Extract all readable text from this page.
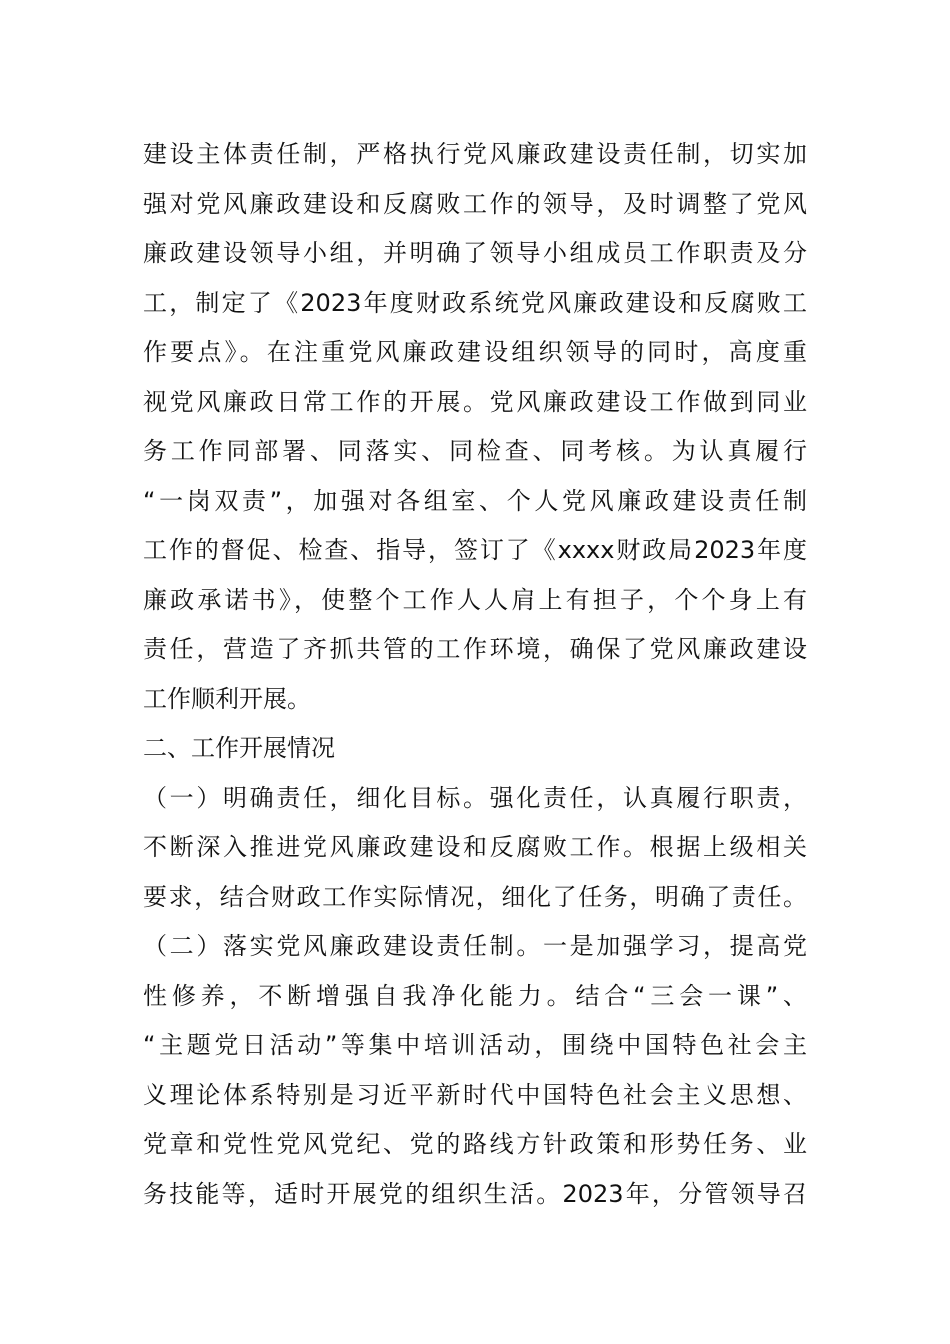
建设主体责任制，严格执行党风廉政建设责任制，切实加
强对党风廉政建设和反腐败工作的领导，及时调整了党风
廉政建设领导小组，并明确了领导小组成员工作职责及分
工，制定了《2023年度财政系统党风廉政建设和反腐败工
作要点》。在注重党风廉政建设组织领导的同时，高度重
视党风廉政日常工作的开展。党风廉政建设工作做到同业
务工作同部署、同落实、同检查、同考核。为认真履行
“一岗双责”，加强对各组室、个人党风廉政建设责任制
工作的督促、检查、指导，签订了《xxxx财政局2023年度
廉政承诺书》，使整个工作人人肩上有担子，个个身上有
责任，营造了齐抓共管的工作环境，确保了党风廉政建设
工作顺利开展。
二、工作开展情况
（一）明确责任，细化目标。强化责任，认真履行职责，
不断深入推进党风廉政建设和反腐败工作。根据上级相关
要求，结合财政工作实际情况，细化了任务，明确了责任。
（二）落实党风廉政建设责任制。一是加强学习，提高党
性修养，不断增强自我净化能力。结合“三会一课”、
“主题党日活动”等集中培训活动，围绕中国特色社会主
义理论体系特别是习近平新时代中国特色社会主义思想、
党章和党性党风党纪、党的路线方针政策和形势任务、业
务技能等，适时开展党的组织生活。2023年，分管领导召
